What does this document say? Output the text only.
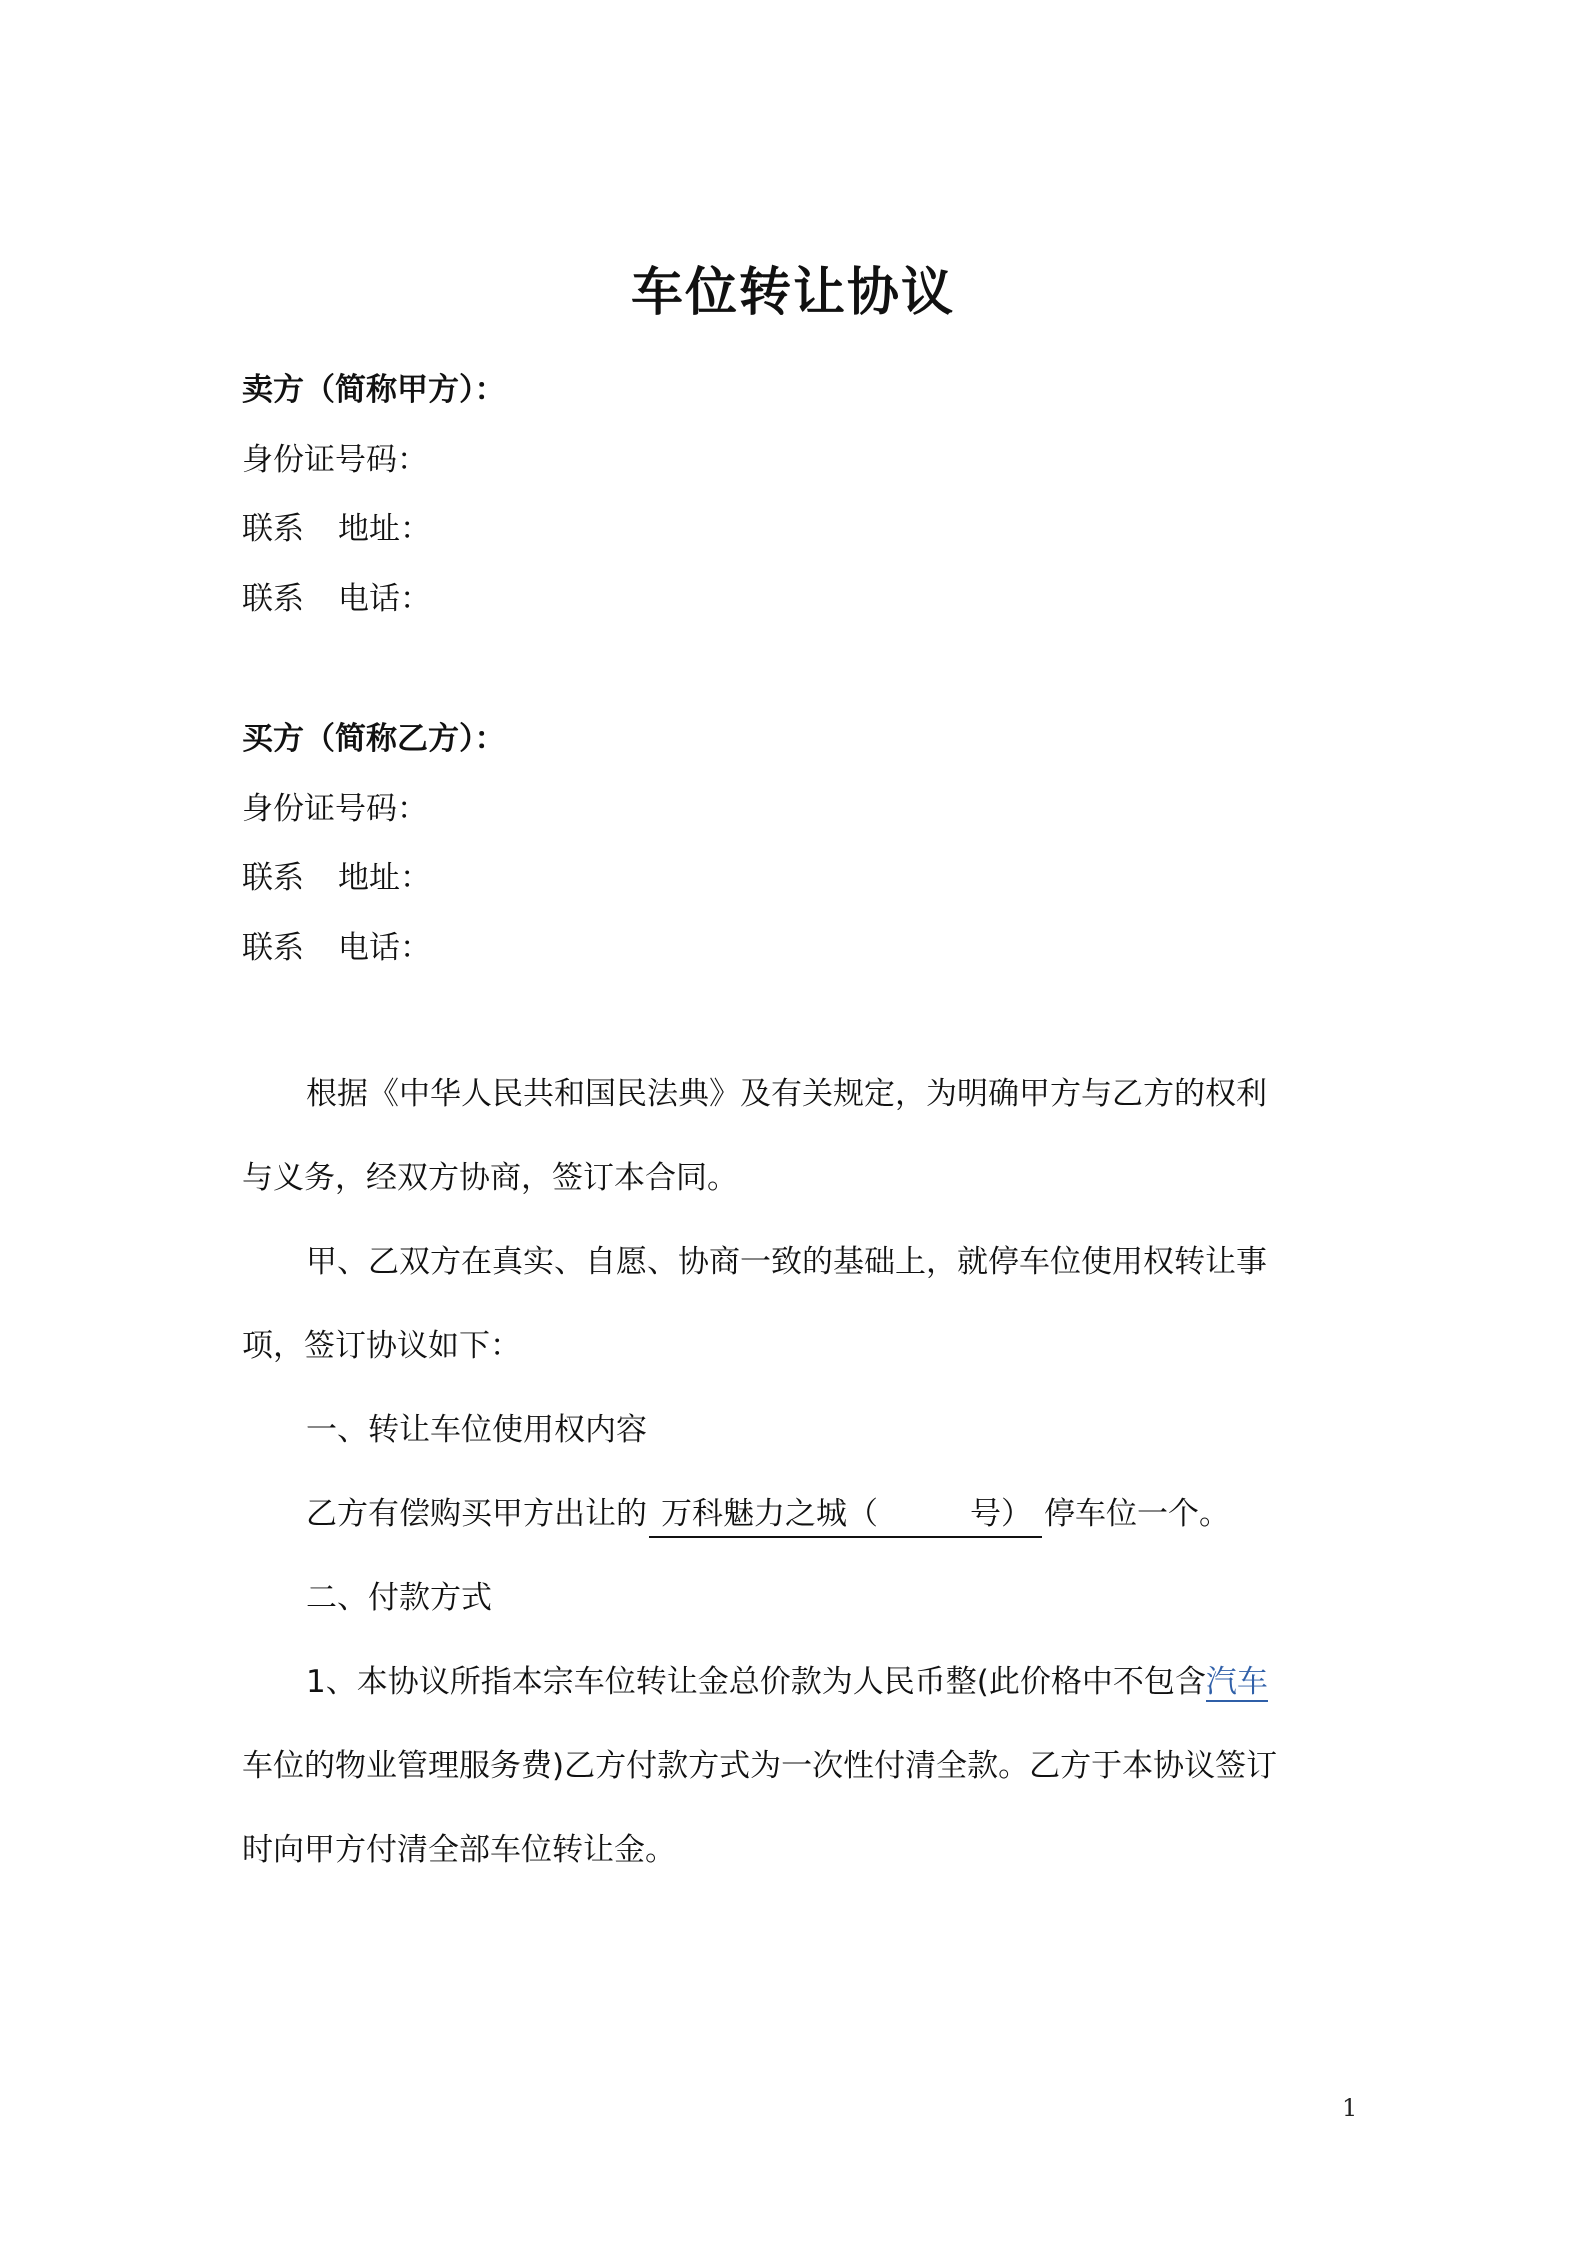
车位转让协议
卖方（简称甲方）：
身份证号码：
联系 地址：
联系 电话：
买方（简称乙方）：
身份证号码：
联系 地址：
联系 电话：
根据《中华人民共和国民法典》及有关规定，为明确甲方与乙方的权利
与义务，经双方协商，签订本合同。
甲、乙双方在真实、自愿、协商一致的基础上，就停车位使用权转让事
项，签订协议如下：
一、转让车位使用权内容
乙方有偿购买甲方出让的 万科魅力之城（	号） 停车位一个。
二、付款方式
1、本协议所指本宗车位转让金总价款为人民币整(此价格中不包含汽车
车位的物业管理服务费)乙方付款方式为一次性付清全款。乙方于本协议签订
时向甲方付清全部车位转让金。
1
